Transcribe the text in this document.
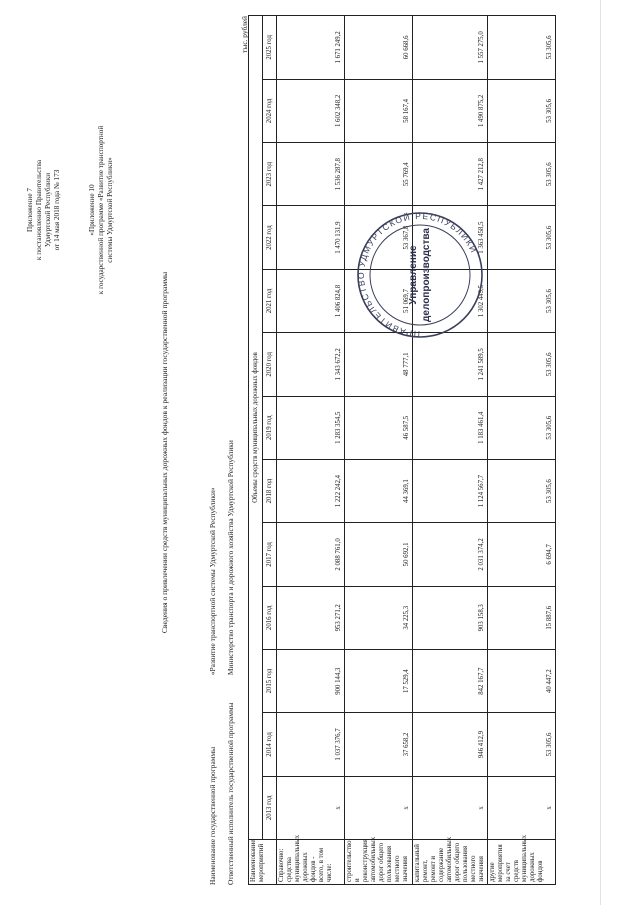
Приложение 7 к постановлению Правительства Удмуртской Республики от 14 мая 2018 года № 173	«Приложение 10 к государственной программе «Развитие транспортной системы Удмуртской Республики»
Сведения о привлечении средств муниципальных дорожных фондов к реализации государственной программы
Наименование государственной программы «Развитие транспортной системы Удмуртской Республики»
Ответственный исполнитель государственной программы Министерство транспорта и дорожного хозяйства Удмуртской Республики
тыс. рублей
Наименование мероприятий	Объемы средств муниципальных дорожных фондов												
	2013 год	2014 год	2015 год	2016 год	2017 год	2018 год	2019 год	2020 год	2021 год	2022 год	2023 год	2024 год	2025 год
Справочно: средства муниципальных дорожных фондов - всего, в том числе:	x	1 037 376,7	900 144,3	953 271,2	2 088 761,0	1 222 242,4	1 283 354,5	1 343 672,2	1 406 824,8	1 470 131,9	1 536 287,8	1 602 348,2	1 671 249,2
строительство и реконструкция автомобильных дорог общего пользования местного значения	x	37 658,2	17 529,4	34 225,3	50 692,1	44 369,1	46 587,5	48 777,1	51 069,7	53 367,8	55 769,4	58 167,4	60 668,6
капитальный ремонт, ремонт и содержание автомобильных дорог общего пользования местного значения	x	946 412,9	842 167,7	903 158,3	2 031 374,2	1 124 567,7	1 183 461,4	1 241 589,5	1 302 449,5	1 363 458,5	1 427 212,8	1 490 875,2	1 557 275,0
другие мероприятия за счет средств муниципальных дорожных фондов	x	53 305,6	40 447,2	15 887,6	6 694,7	53 305,6	53 305,6	53 305,6	53 305,6	53 305,6	53 305,6	53 305,6	53 305,6
ПРАВИТЕЛЬСТВО УДМУРТСКОЙ РЕСПУБЛИКИ
Управление делопроизводства
